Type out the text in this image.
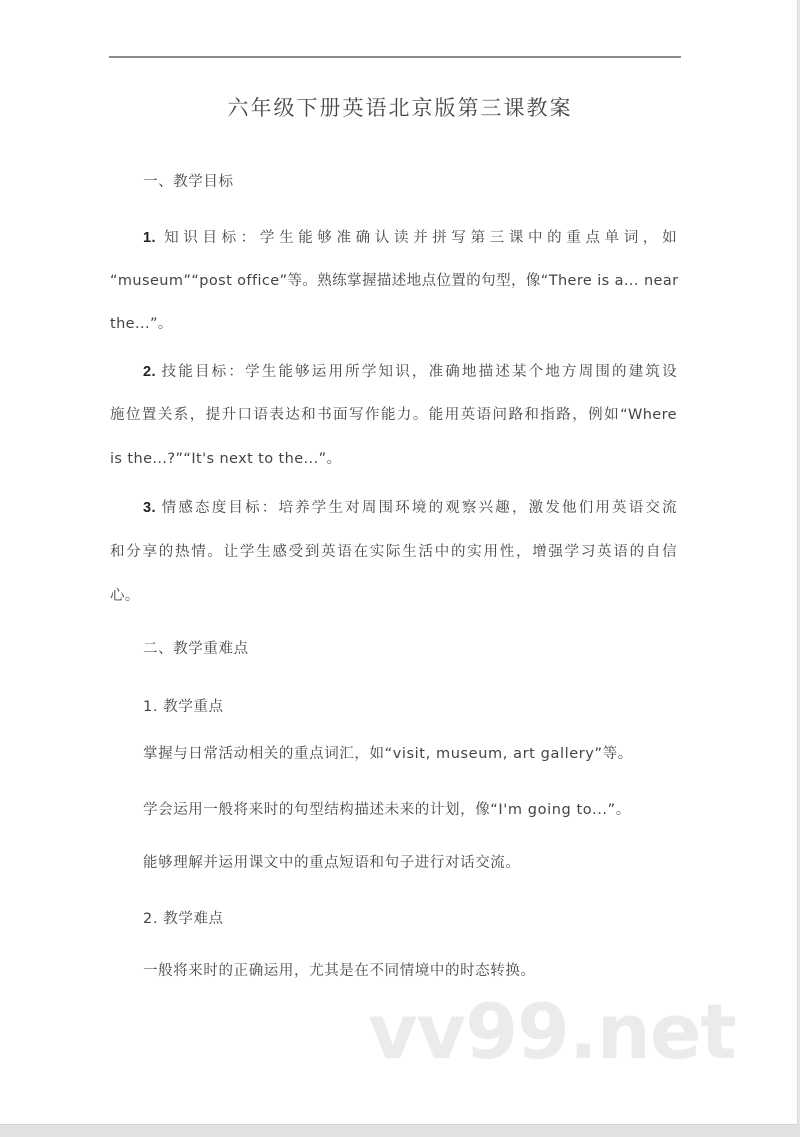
六年级下册英语北京版第三课教案
一、教学目标
1. 知识目标：学生能够准确认读并拼写第三课中的重点单词，如
“museum”“post office”等。熟练掌握描述地点位置的句型，像“There is a... near
the...”。
2. 技能目标：学生能够运用所学知识，准确地描述某个地方周围的建筑设
施位置关系，提升口语表达和书面写作能力。能用英语问路和指路，例如“Where
is the...?”“It's next to the...”。
3. 情感态度目标：培养学生对周围环境的观察兴趣，激发他们用英语交流
和分享的热情。让学生感受到英语在实际生活中的实用性，增强学习英语的自信
心。
二、教学重难点
1. 教学重点
掌握与日常活动相关的重点词汇，如“visit, museum, art gallery”等。
学会运用一般将来时的句型结构描述未来的计划，像“I'm going to...”。
能够理解并运用课文中的重点短语和句子进行对话交流。
2. 教学难点
一般将来时的正确运用，尤其是在不同情境中的时态转换。
vv99.net
